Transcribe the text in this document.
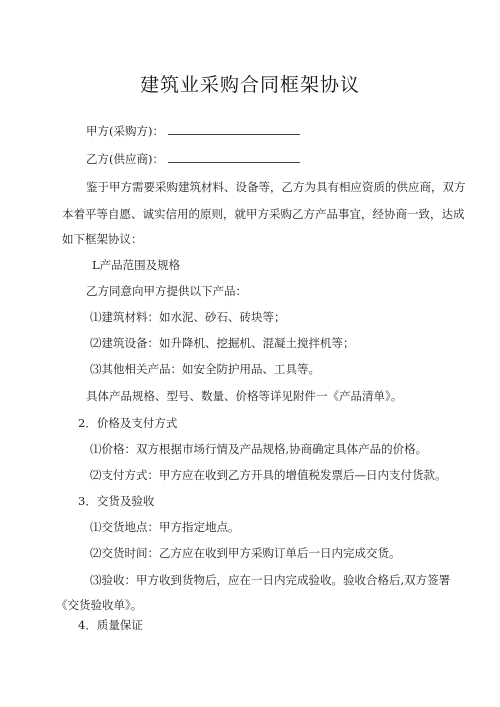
建筑业采购合同框架协议
甲方(采购方)：
乙方(供应商)：
鉴于甲方需要采购建筑材料、设备等，乙方为具有相应资质的供应商，双方
本着平等自愿、诚实信用的原则，就甲方采购乙方产品事宜，经协商一致，达成
如下框架协议：
L产品范围及规格
乙方同意向甲方提供以下产品：
⑴建筑材料：如水泥、砂石、砖块等；
⑵建筑设备：如升降机、挖掘机、混凝土搅拌机等；
⑶其他相关产品：如安全防护用品、工具等。
具体产品规格、型号、数量、价格等详见附件一《产品清单》。
2．价格及支付方式
⑴价格：双方根据市场行情及产品规格,协商确定具体产品的价格。
⑵支付方式：甲方应在收到乙方开具的增值税发票后—日内支付货款。
3．交货及验收
⑴交货地点：甲方指定地点。
⑵交货时间：乙方应在收到甲方采购订单后一日内完成交货。
⑶验收：甲方收到货物后，应在一日内完成验收。验收合格后,双方签署
《交货验收单》。
4．质量保证
